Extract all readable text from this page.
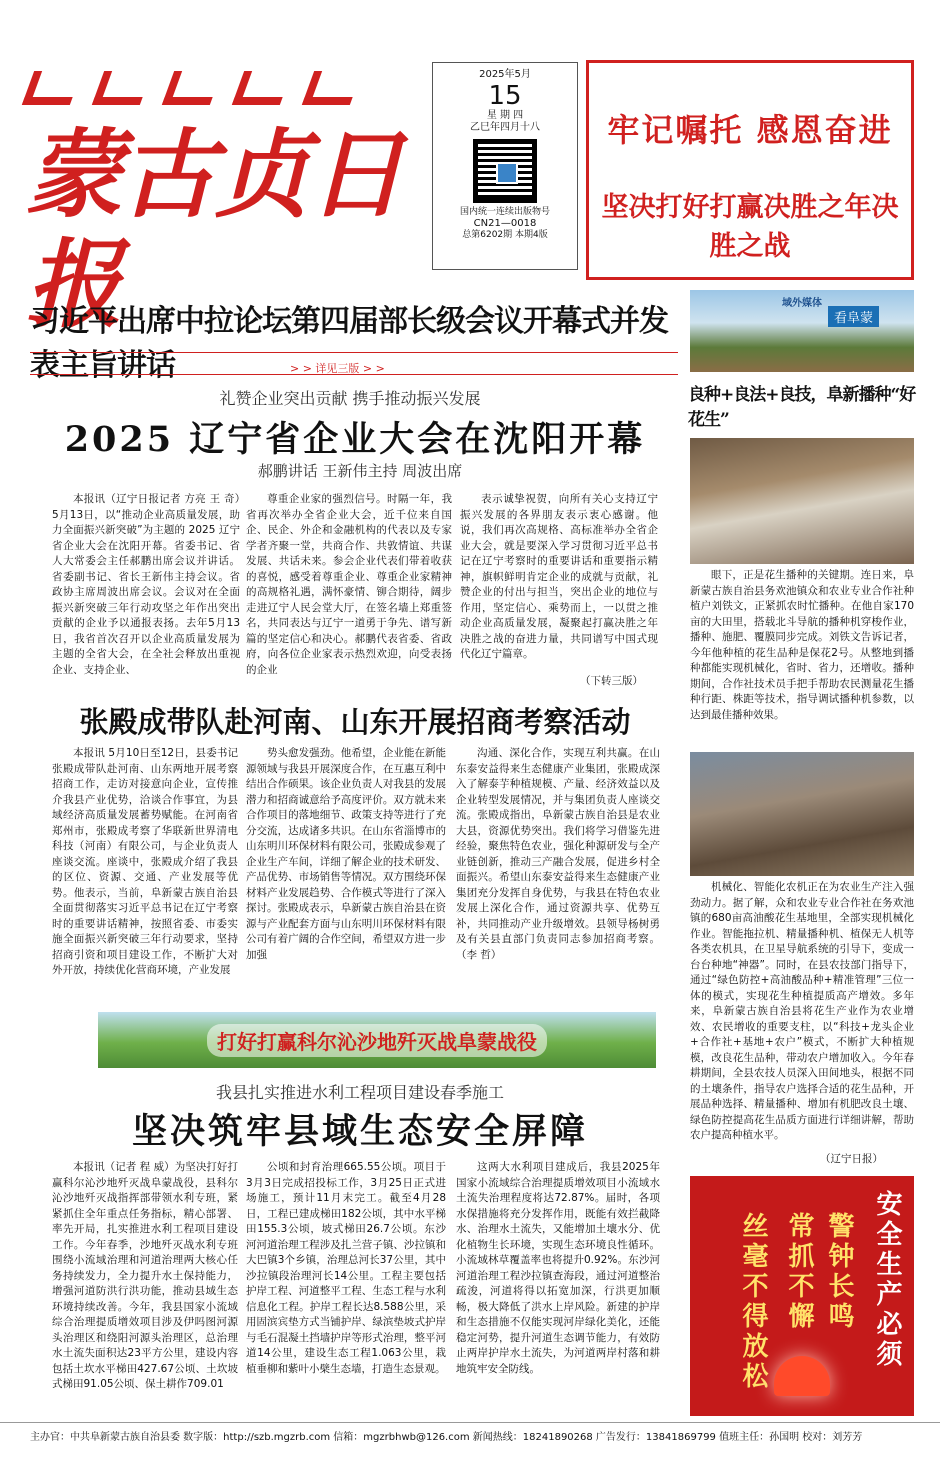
蒙古贞日报
2025年5月
15
星 期 四
乙巳年四月十八
国内统一连续出版物号
CN21—0018
总第6202期 本期4版
牢记嘱托 感恩奋进
坚决打好打赢决胜之年决胜之战
习近平出席中拉论坛第四届部长级会议开幕式并发表主旨讲话	> > 详见三版 > >
礼赞企业突出贡献 携手推动振兴发展
2025 辽宁省企业大会在沈阳开幕
郝鹏讲话 王新伟主持 周波出席

本报讯（辽宁日报记者 方亮 王 奇）5月13日，以“推动企业高质量发展，助力全面振兴新突破”为主题的 2025 辽宁省企业大会在沈阳开幕。省委书记、省人大常委会主任郝鹏出席会议并讲话。省委副书记、省长王新伟主持会议。省政协主席周波出席会议。会议对在全面振兴新突破三年行动攻坚之年作出突出贡献的企业予以通报表扬。去年5月13日，我省首次召开以企业高质量发展为主题的全省大会，在全社会释放出重视企业、支持企业、

尊重企业家的强烈信号。时隔一年，我省再次举办全省企业大会，近千位来自国企、民企、外企和金融机构的代表以及专家学者齐聚一堂，共商合作、共敦情谊、共谋发展、共话未来。参会企业代表们带着收获的喜悦，感受着尊重企业、尊重企业家精神的高规格礼遇，满怀豪情、铆合期待，阔步走进辽宁人民会堂大厅，在签名墙上郑重签名，共同表达与辽宁一道勇于争先、谱写新篇的坚定信心和决心。郝鹏代表省委、省政府，向各位企业家表示热烈欢迎，向受表扬的企业

表示诚挚祝贺，向所有关心支持辽宁振兴发展的各界朋友表示衷心感谢。他说，我们再次高规格、高标准举办全省企业大会，就是要深入学习贯彻习近平总书记在辽宁考察时的重要讲话和重要指示精神，旗帜鲜明肯定企业的成就与贡献，礼赞企业的付出与担当，突出企业的地位与作用，坚定信心、乘势而上，一以贯之推动企业高质量发展，凝聚起打赢决胜之年决胜之战的奋进力量，共同谱写中国式现代化辽宁篇章。

（下转三版）
张殿成带队赴河南、山东开展招商考察活动

本报讯 5月10日至12日，县委书记张殿成带队赴河南、山东两地开展考察招商工作，走访对接意向企业，宣传推介我县产业优势，洽谈合作事宜，为县域经济高质量发展蓄势赋能。在河南省郑州市，张殿成考察了华联新世界清电科技（河南）有限公司，与企业负责人座谈交流。座谈中，张殿成介绍了我县的区位、资源、交通、产业发展等优势。他表示，当前，阜新蒙古族自治县全面贯彻落实习近平总书记在辽宁考察时的重要讲话精神，按照省委、市委实施全面振兴新突破三年行动要求，坚持招商引资和项目建设工作，不断扩大对外开放，持续优化营商环境，产业发展

势头愈发强劲。他希望，企业能在新能源领域与我县开展深度合作，在互惠互利中结出合作硕果。该企业负责人对我县的发展潜力和招商诚意给予高度评价。双方就未来合作项目的落地细节、政策支持等进行了充分交流，达成诸多共识。在山东省淄博市的山东明川环保材料有限公司，张殿成参观了企业生产车间，详细了解企业的技术研发、产品优势、市场销售等情况。双方围绕环保材料产业发展趋势、合作模式等进行了深入探讨。张殿成表示，阜新蒙古族自治县在资源与产业配套方面与山东明川环保材料有限公司有着广阔的合作空间，希望双方进一步加强

沟通、深化合作，实现互利共赢。在山东泰安益得来生态健康产业集团，张殿成深入了解泰芋种植规模、产量、经济效益以及企业转型发展情况，并与集团负责人座谈交流。张殿成指出，阜新蒙古族自治县是农业大县，资源优势突出。我们将学习借鉴先进经验，聚焦特色农业，强化种源研发与全产业链创新，推动三产融合发展，促进乡村全面振兴。希望山东泰安益得来生态健康产业集团充分发挥自身优势，与我县在特色农业发展上深化合作，通过资源共享、优势互补，共同推动产业升级增效。县领导杨树勇及有关县直部门负责同志参加招商考察。（李 哲）

打好打赢科尔沁沙地歼灭战阜蒙战役
我县扎实推进水利工程项目建设春季施工
坚决筑牢县域生态安全屏障

本报讯（记者 程 威）为坚决打好打赢科尔沁沙地歼灭战阜蒙战役，县科尔沁沙地歼灭战指挥部带领水利专班，紧紧抓住全年重点任务指标，精心部署、率先开局，扎实推进水利工程项目建设工作。今年春季，沙地歼灭战水利专班围绕小流域治理和河道治理两大核心任务持续发力，全力提升水土保持能力，增强河道防洪行洪功能，推动县域生态环境持续改善。今年，我县国家小流域综合治理提质增效项目涉及伊吗图河源头治理区和绕阳河源头治理区，总治理水土流失面积达23平方公里，建设内容包括土坎水平梯田427.67公顷、土坎坡式梯田91.05公顷、保土耕作709.01

公顷和封育治理665.55公顷。项目于3月3日完成招投标工作，3月25日正式进场施工，预计11月末完工。截至4月28日，工程已建成梯田182公顷，其中水平梯田155.3公顷，坡式梯田26.7公顷。东沙河河道治理工程涉及扎兰营子镇、沙拉镇和大巴镇3个乡镇，治理总河长37公里，其中沙拉镇段治理河长14公里。工程主要包括护岸工程、河道整平工程、生态工程与水利信息化工程。护岸工程长达8.588公里，采用固滨宾垫方式当铺护岸、绿滨垫坡式护岸与毛石混凝土挡墙护岸等形式治理，整平河道14公里，建设生态工程1.063公里，栽植垂柳和紫叶小檗生态墙，打造生态景观。

这两大水利项目建成后，我县2025年国家小流域综合治理提质增效项目小流域水土流失治理程度将达72.87%。届时，各项水保措施将充分发挥作用，既能有效拦截降水、治理水土流失，又能增加土壤水分、优化植物生长环境，实现生态环境良性循环。小流域林草覆盖率也将提升0.92%。东沙河河道治理工程沙拉镇查海段，通过河道整治疏浚，河道将得以拓宽加深，行洪更加顺畅，极大降低了洪水上岸风险。新建的护岸和生态措施不仅能实现河岸绿化美化，还能稳定河势，提升河道生态调节能力，有效防止两岸护岸水土流失，为河道两岸村落和耕地筑牢安全防线。

域外媒体
看阜蒙
良种+良法+良技，阜新播种“好花生”

眼下，正是花生播种的关键期。连日来，阜新蒙古族自治县务欢池镇众和农业专业合作社种植户刘铁文，正紧抓农时忙播种。在他自家170亩的大田里，搭载北斗导航的播种机穿梭作业，播种、施肥、覆膜同步完成。刘铁文告诉记者，今年他种植的花生品种是保花2号。从整地到播种都能实现机械化，省时、省力，还增收。播种期间，合作社技术员手把手帮助农民测量花生播种行距、株距等技术，指导调试播种机参数，以达到最佳播种效果。

机械化、智能化农机正在为农业生产注入强劲动力。据了解，众和农业专业合作社在务欢池镇的680亩高油酸花生基地里，全部实现机械化作业。智能拖拉机、精量播种机、植保无人机等各类农机具，在卫星导航系统的引导下，变成一台台种地“神器”。同时，在县农技部门指导下，通过“绿色防控+高油酸品种+精准管理”三位一体的模式，实现花生种植提质高产增效。多年来，阜新蒙古族自治县将花生产业作为农业增效、农民增收的重要支柱，以“科技+龙头企业+合作社+基地+农户”模式，不断扩大种植规模，改良花生品种，带动农户增加收入。今年春耕期间，全县农技人员深入田间地头，根据不同的土壤条件，指导农户选择合适的花生品种，开展品种选择、精量播种、增加有机肥改良土壤、绿色防控提高花生品质方面进行详细讲解，帮助农户提高种植水平。

（辽宁日报）
安全生产必须
警钟长鸣
常抓不懈
丝毫不得放松
主办官：中共阜新蒙古族自治县委 数字版：http://szb.mgzrb.com 信箱：mgzrbhwb@126.com 新闻热线：18241890268 广告发行：13841869799 值班主任：孙国明 校对：刘芳芳
